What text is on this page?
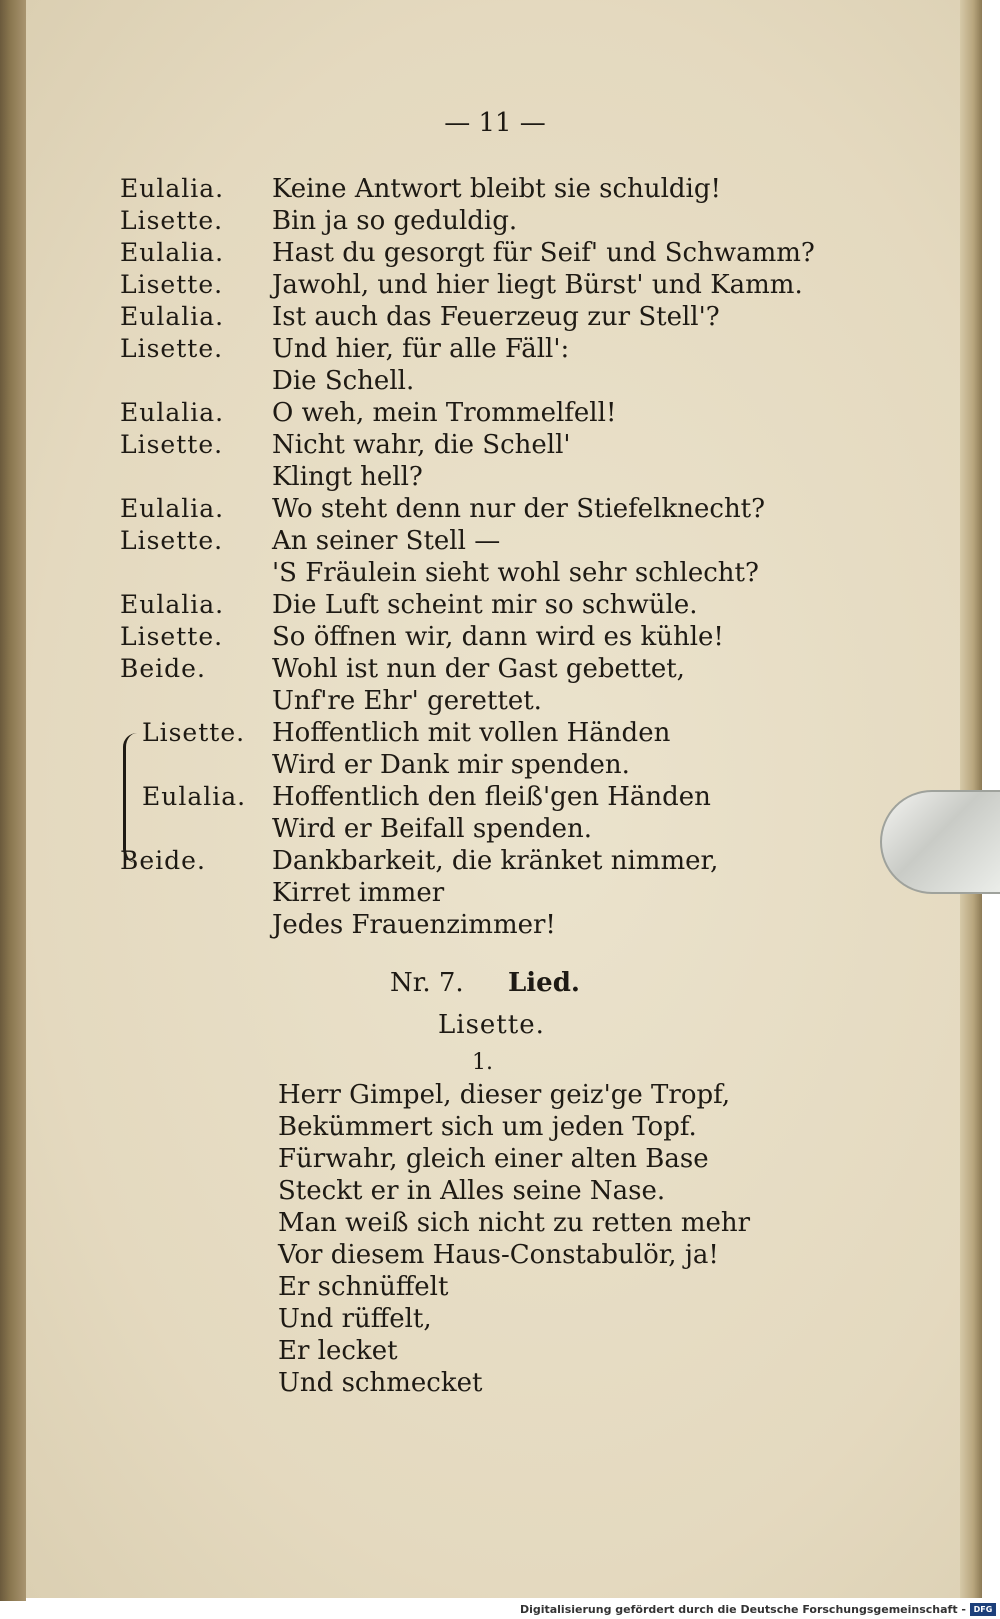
— 11 —
Eulalia. Keine Antwort bleibt sie schuldig!
Lisette. Bin ja so geduldig.
Eulalia. Hast du gesorgt für Seif' und Schwamm?
Lisette. Jawohl, und hier liegt Bürst' und Kamm.
Eulalia. Ist auch das Feuerzeug zur Stell'?
Lisette. Und hier, für alle Fäll':
Die Schell.
Eulalia. O weh, mein Trommelfell!
Lisette. Nicht wahr, die Schell'
Klingt hell?
Eulalia. Wo steht denn nur der Stiefelknecht?
Lisette. An seiner Stell —
'S Fräulein sieht wohl sehr schlecht?
Eulalia. Die Luft scheint mir so schwüle.
Lisette. So öffnen wir, dann wird es kühle!
Beide.	Wohl ist nun der Gast gebettet,
Unf're Ehr' gerettet.
Lisette. Hoffentlich mit vollen Händen
Wird er Dank mir spenden.
Eulalia. Hoffentlich den fleiß'gen Händen
Wird er Beifall spenden.
Beide.	Dankbarkeit, die kränket nimmer,
Kirret immer
Jedes Frauenzimmer!
Nr. 7. Lied.
Lisette.
1.
Herr Gimpel, dieser geiz'ge Tropf,
Bekümmert sich um jeden Topf.
Fürwahr, gleich einer alten Base
Steckt er in Alles seine Nase.
Man weiß sich nicht zu retten mehr
Vor diesem Haus-Constabulör, ja!
Er schnüffelt
Und rüffelt,
Er lecket
Und schmecket
Digitalisierung gefördert durch die Deutsche Forschungsgemeinschaft - DFG
